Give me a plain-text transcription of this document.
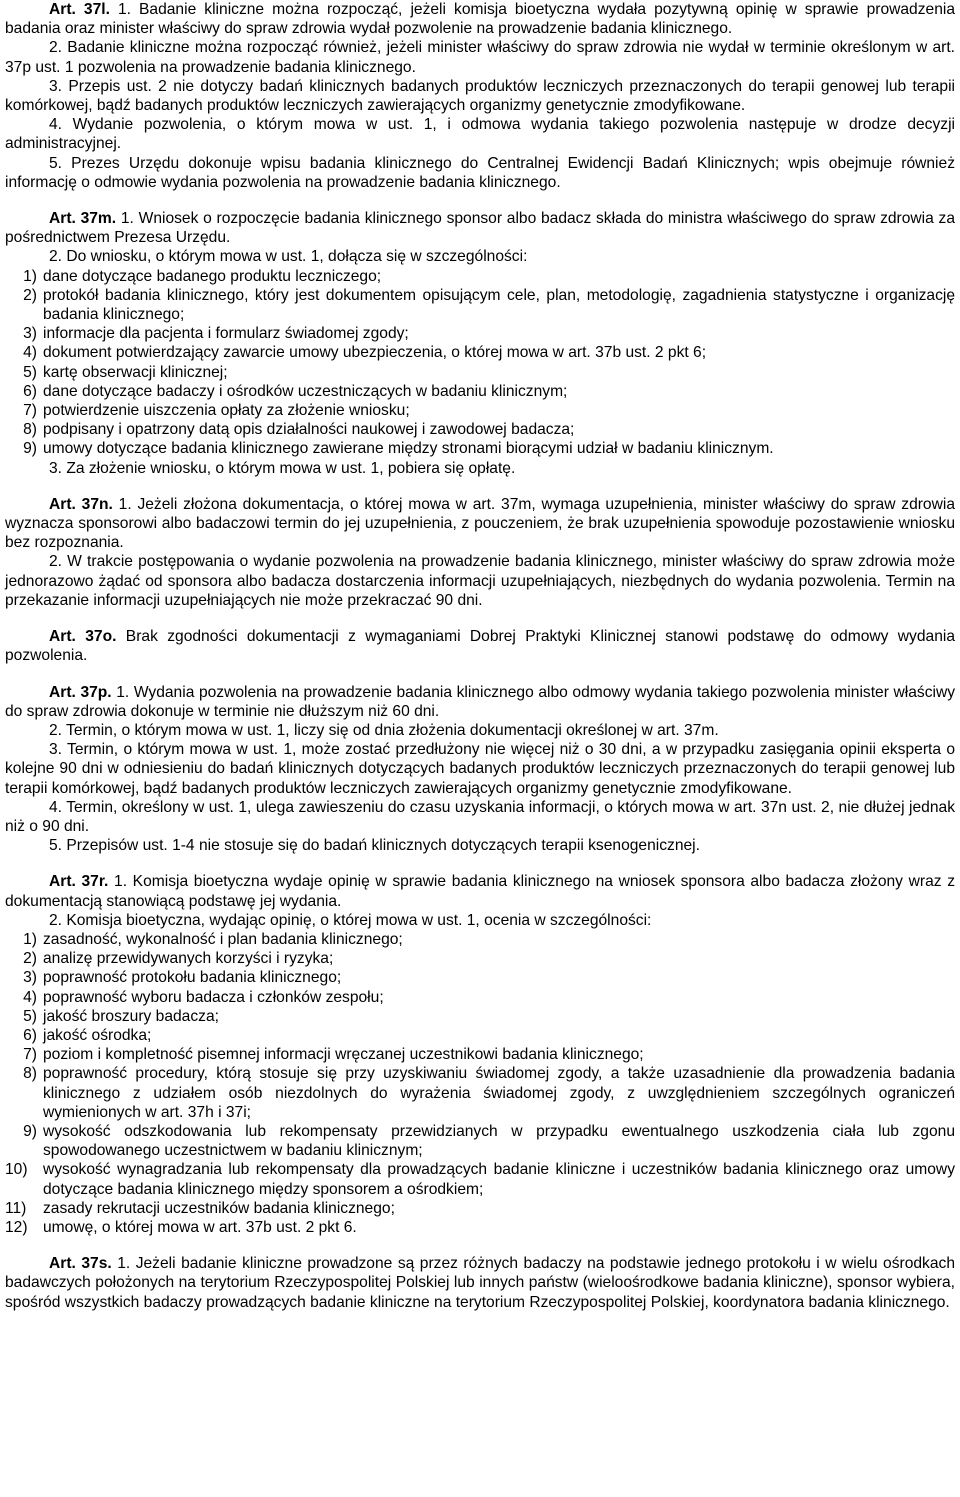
Art. 37l. 1. Badanie kliniczne można rozpocząć, jeżeli komisja bioetyczna wydała pozytywną opinię w sprawie prowadzenia badania oraz minister właściwy do spraw zdrowia wydał pozwolenie na prowadzenie badania klinicznego.

2. Badanie kliniczne można rozpocząć również, jeżeli minister właściwy do spraw zdrowia nie wydał w terminie określonym w art. 37p ust. 1 pozwolenia na prowadzenie badania klinicznego.

3. Przepis ust. 2 nie dotyczy badań klinicznych badanych produktów leczniczych przeznaczonych do terapii genowej lub terapii komórkowej, bądź badanych produktów leczniczych zawierających organizmy genetycznie zmodyfikowane.

4. Wydanie pozwolenia, o którym mowa w ust. 1, i odmowa wydania takiego pozwolenia następuje w drodze decyzji administracyjnej.

5. Prezes Urzędu dokonuje wpisu badania klinicznego do Centralnej Ewidencji Badań Klinicznych; wpis obejmuje również informację o odmowie wydania pozwolenia na prowadzenie badania klinicznego.

Art. 37m. 1. Wniosek o rozpoczęcie badania klinicznego sponsor albo badacz składa do ministra właściwego do spraw zdrowia za pośrednictwem Prezesa Urzędu.

2. Do wniosku, o którym mowa w ust. 1, dołącza się w szczególności:

1) dane dotyczące badanego produktu leczniczego;
2) protokół badania klinicznego, który jest dokumentem opisującym cele, plan, metodologię, zagadnienia statystyczne i organizację badania klinicznego;
3) informacje dla pacjenta i formularz świadomej zgody;
4) dokument potwierdzający zawarcie umowy ubezpieczenia, o której mowa w art. 37b ust. 2 pkt 6;
5) kartę obserwacji klinicznej;
6) dane dotyczące badaczy i ośrodków uczestniczących w badaniu klinicznym;
7) potwierdzenie uiszczenia opłaty za złożenie wniosku;
8) podpisany i opatrzony datą opis działalności naukowej i zawodowej badacza;
9) umowy dotyczące badania klinicznego zawierane między stronami biorącymi udział w badaniu klinicznym.

3. Za złożenie wniosku, o którym mowa w ust. 1, pobiera się opłatę.

Art. 37n. 1. Jeżeli złożona dokumentacja, o której mowa w art. 37m, wymaga uzupełnienia, minister właściwy do spraw zdrowia wyznacza sponsorowi albo badaczowi termin do jej uzupełnienia, z pouczeniem, że brak uzupełnienia spowoduje pozostawienie wniosku bez rozpoznania.

2. W trakcie postępowania o wydanie pozwolenia na prowadzenie badania klinicznego, minister właściwy do spraw zdrowia może jednorazowo żądać od sponsora albo badacza dostarczenia informacji uzupełniających, niezbędnych do wydania pozwolenia. Termin na przekazanie informacji uzupełniających nie może przekraczać 90 dni.

Art. 37o. Brak zgodności dokumentacji z wymaganiami Dobrej Praktyki Klinicznej stanowi podstawę do odmowy wydania pozwolenia.

Art. 37p. 1. Wydania pozwolenia na prowadzenie badania klinicznego albo odmowy wydania takiego pozwolenia minister właściwy do spraw zdrowia dokonuje w terminie nie dłuższym niż 60 dni.

2. Termin, o którym mowa w ust. 1, liczy się od dnia złożenia dokumentacji określonej w art. 37m.

3. Termin, o którym mowa w ust. 1, może zostać przedłużony nie więcej niż o 30 dni, a w przypadku zasięgania opinii eksperta o kolejne 90 dni w odniesieniu do badań klinicznych dotyczących badanych produktów leczniczych przeznaczonych do terapii genowej lub terapii komórkowej, bądź badanych produktów leczniczych zawierających organizmy genetycznie zmodyfikowane.

4. Termin, określony w ust. 1, ulega zawieszeniu do czasu uzyskania informacji, o których mowa w art. 37n ust. 2, nie dłużej jednak niż o 90 dni.

5. Przepisów ust. 1-4 nie stosuje się do badań klinicznych dotyczących terapii ksenogenicznej.

Art. 37r. 1. Komisja bioetyczna wydaje opinię w sprawie badania klinicznego na wniosek sponsora albo badacza złożony wraz z dokumentacją stanowiącą podstawę jej wydania.

2. Komisja bioetyczna, wydając opinię, o której mowa w ust. 1, ocenia w szczególności:

1) zasadność, wykonalność i plan badania klinicznego;
2) analizę przewidywanych korzyści i ryzyka;
3) poprawność protokołu badania klinicznego;
4) poprawność wyboru badacza i członków zespołu;
5) jakość broszury badacza;
6) jakość ośrodka;
7) poziom i kompletność pisemnej informacji wręczanej uczestnikowi badania klinicznego;
8) poprawność procedury, którą stosuje się przy uzyskiwaniu świadomej zgody, a także uzasadnienie dla prowadzenia badania klinicznego z udziałem osób niezdolnych do wyrażenia świadomej zgody, z uwzględnieniem szczególnych ograniczeń wymienionych w art. 37h i 37i;
9) wysokość odszkodowania lub rekompensaty przewidzianych w przypadku ewentualnego uszkodzenia ciała lub zgonu spowodowanego uczestnictwem w badaniu klinicznym;
10) wysokość wynagradzania lub rekompensaty dla prowadzących badanie kliniczne i uczestników badania klinicznego oraz umowy dotyczące badania klinicznego między sponsorem a ośrodkiem;
11)	zasady rekrutacji uczestników badania klinicznego;
12) umowę, o której mowa w art. 37b ust. 2 pkt 6.

Art. 37s. 1. Jeżeli badanie kliniczne prowadzone są przez różnych badaczy na podstawie jednego protokołu i w wielu ośrodkach badawczych położonych na terytorium Rzeczypospolitej Polskiej lub innych państw (wieloośrodkowe badania kliniczne), sponsor wybiera, spośród wszystkich badaczy prowadzących badanie kliniczne na terytorium Rzeczypospolitej Polskiej, koordynatora badania klinicznego.
